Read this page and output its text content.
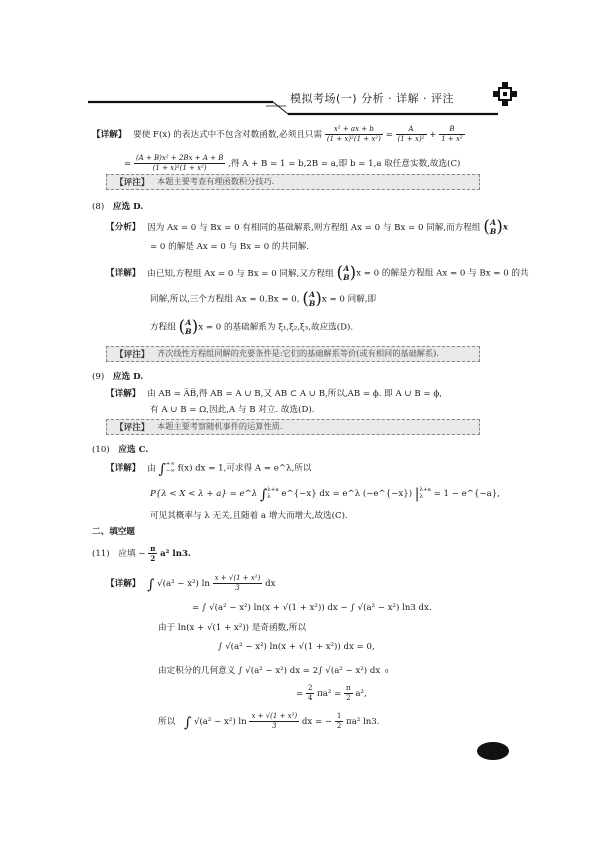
模拟考场(一) 分析 · 详解 · 评注
【详解】 要使 F(x) 的表达式中不包含对数函数,必须且只需 $\frac{\text{x² + ax + b}}{\text{(1 + x)²(1 + x²)}} = \frac{A}{\text{(1 + x)²}} + \frac{B}{\text{1 + x²}}$
= $\frac{\text{(A + B)x² + 2Bx + A + B}}{\text{(1 + x)²(1 + x²)}}$ ,得 A + B = 1 = b,2B = a,即 b = 1,a 取任意实数,故选(C)
【评注】 本题主要考查有理函数积分技巧.
(8) 应选 D.
【分析】 因为 Ax = 0 与 Bx = 0 有相同的基础解系,则方程组 Ax = 0 与 Bx = 0 同解,而方程组 ( A
B )x
= 0 的解是 Ax = 0 与 Bx = 0 的共同解.
【详解】 由已知,方程组 Ax = 0 与 Bx = 0 同解,又方程组 ( A
B )x = 0 的解是方程组 Ax = 0 与 Bx = 0 的共
同解,所以,三个方程组 Ax = 0,Bx = 0, ( A
B )x = 0 同解,即
方程组 ( A
B )x = 0 的基础解系为 ξ₁,ξ₂,ξ₃,故应选(D).
【评注】 齐次线性方程组同解的充要条件是:它们的基础解系等价(或有相同的基础解系).
(9) 应选 D.
【详解】 由 AB = A̅B̅,得 AB = A ∪ B,又 AB ⊂ A ∪ B,所以,AB = ϕ. 即 A ∪ B = ϕ,
有 A ∪ B = Ω,因此,A 与 B 对立. 故选(D).
【评注】 本题主要考察随机事件的运算性质.
(10) 应选 C.
【详解】 由 ∫ +∞
−∞ f(x) dx = 1,可求得 A = e^λ,所以
P{λ < X < λ + a} = e^λ ∫ λ+a
λ	e^{−x} dx = e^λ (−e^{−x}) | λ+a
λ	= 1 − e^{−a},
可见其概率与 λ 无关,且随着 a 增大而增大,故选(C).
二、填空题
(11) 应填 − $\frac{\pi}{2} a^2$ ln3.
【详解】 ∫ √(a² − x²) $\ln \frac{\text{x + √(1 + x²)}}{3}$ dx
= ∫ √(a² − x²) ln(x + √(1 + x²)) dx − ∫ √(a² − x²) ln3 dx.
由于 ln(x + √(1 + x²)) 是奇函数,所以
∫ √(a² − x²) ln(x + √(1 + x²)) dx = 0,
由定积分的几何意义 ∫ √(a² − x²) dx = 2∫ √(a² − x²) dx 0
= $\frac{2}{4} \pi a^2 = \frac{\pi}{2} a^2$,
所以 ∫ √(a² − x²) $\ln \frac{\text{x + √(1 + x²)}}{3}$ dx = − $\frac{1}{2} \pi a^2$ ln3.
